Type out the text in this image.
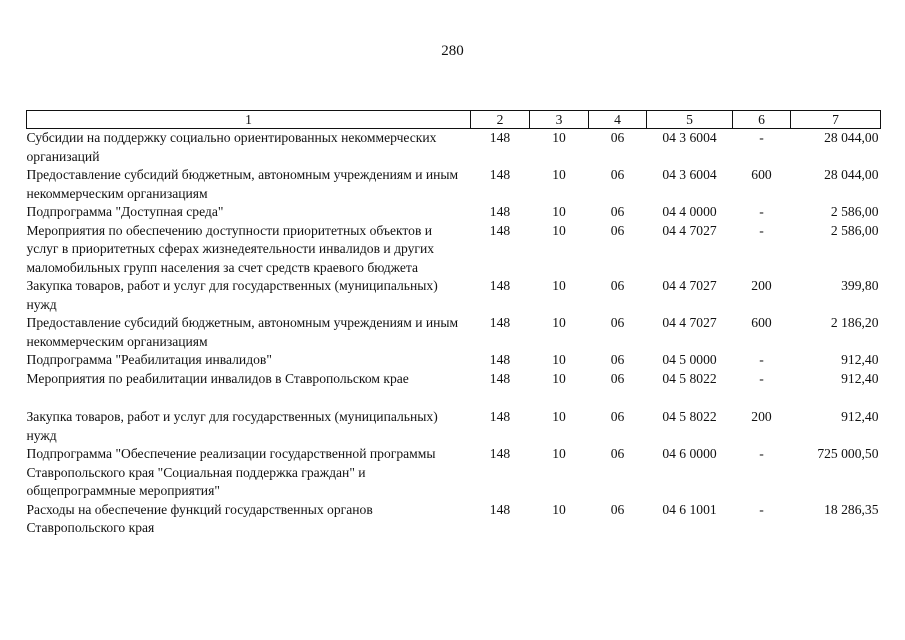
280
1	2	3	4	5	6	7
Субсидии на поддержку социально ориентированных некоммерческих организаций	148	10	06	04 3 6004	-	28 044,00
Предоставление субсидий бюджетным, автономным учреждениям и иным некоммерческим организациям	148	10	06	04 3 6004	600	28 044,00
Подпрограмма "Доступная среда"	148	10	06	04 4 0000	-	2 586,00
Мероприятия по обеспечению доступности приоритетных объектов и услуг в приоритетных сферах жизнедеятельности инвалидов и других маломобильных групп населения за счет средств краевого бюджета	148	10	06	04 4 7027	-	2 586,00
Закупка товаров, работ и услуг для государственных (муниципальных) нужд	148	10	06	04 4 7027	200	399,80
Предоставление субсидий бюджетным, автономным учреждениям и иным некоммерческим организациям	148	10	06	04 4 7027	600	2 186,20
Подпрограмма "Реабилитация инвалидов"	148	10	06	04 5 0000	-	912,40
Мероприятия по реабилитации инвалидов в Ставропольском крае	148	10	06	04 5 8022	-	912,40

Закупка товаров, работ и услуг для государственных (муниципальных) нужд	148	10	06	04 5 8022	200	912,40
Подпрограмма "Обеспечение реализации государственной программы Ставропольского края "Социальная поддержка граждан" и общепрограммные мероприятия"	148	10	06	04 6 0000	-	725 000,50
Расходы на обеспечение функций государственных органов Ставропольского края	148	10	06	04 6 1001	-	18 286,35
